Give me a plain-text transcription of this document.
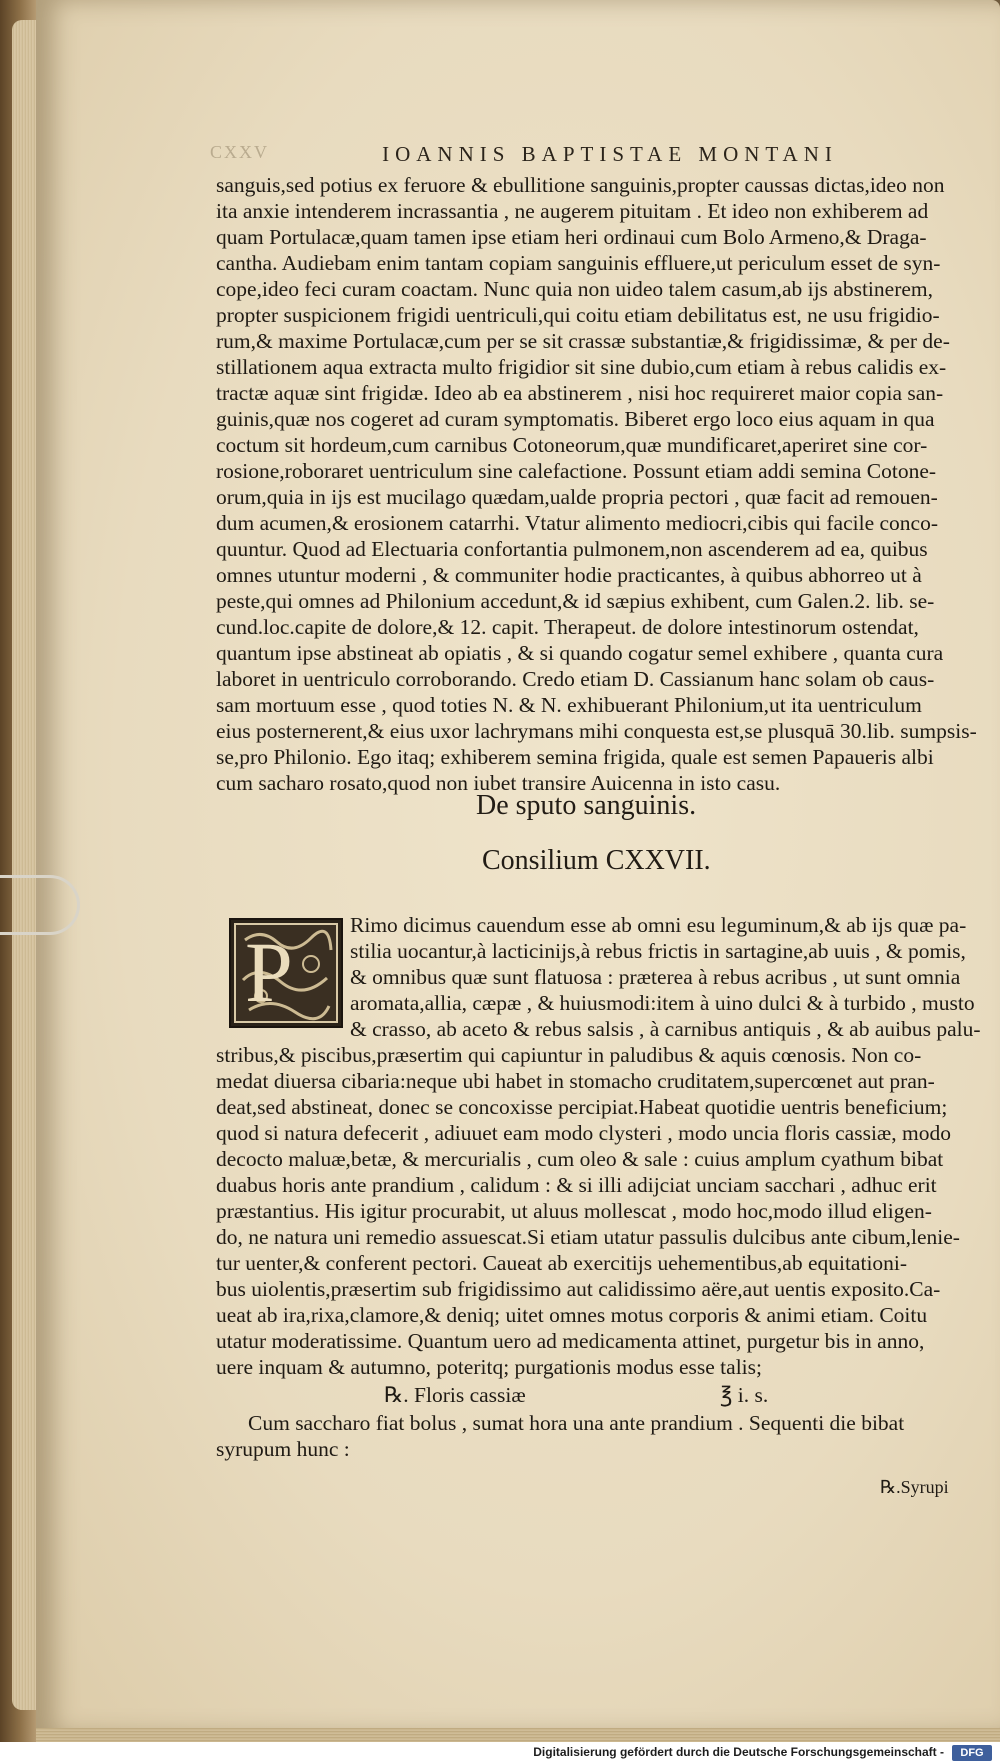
CXXV	IOANNIS BAPTISTAE MONTANI
sanguis,sed potius ex feruore & ebullitione sanguinis,propter caussas dictas,ideo non
ita anxie intenderem incrassantia , ne augerem pituitam . Et ideo non exhiberem ad
quam Portulacæ,quam tamen ipse etiam heri ordinaui cum Bolo Armeno,& Draga-
cantha. Audiebam enim tantam copiam sanguinis effluere,ut periculum esset de syn-
cope,ideo feci curam coactam. Nunc quia non uideo talem casum,ab ijs abstinerem,
propter suspicionem frigidi uentriculi,qui coitu etiam debilitatus est, ne usu frigidio-
rum,& maxime Portulacæ,cum per se sit crassæ substantiæ,& frigidissimæ, & per de-
stillationem aqua extracta multo frigidior sit sine dubio,cum etiam à rebus calidis ex-
tractæ aquæ sint frigidæ. Ideo ab ea abstinerem , nisi hoc requireret maior copia san-
guinis,quæ nos cogeret ad curam symptomatis. Biberet ergo loco eius aquam in qua
coctum sit hordeum,cum carnibus Cotoneorum,quæ mundificaret,aperiret sine cor-
rosione,roboraret uentriculum sine calefactione. Possunt etiam addi semina Cotone-
orum,quia in ijs est mucilago quædam,ualde propria pectori , quæ facit ad remouen-
dum acumen,& erosionem catarrhi. Vtatur alimento mediocri,cibis qui facile conco-
quuntur. Quod ad Electuaria confortantia pulmonem,non ascenderem ad ea, quibus
omnes utuntur moderni , & communiter hodie practicantes, à quibus abhorreo ut à
peste,qui omnes ad Philonium accedunt,& id sæpius exhibent, cum Galen.2. lib. se-
cund.loc.capite de dolore,& 12. capit. Therapeut. de dolore intestinorum ostendat,
quantum ipse abstineat ab opiatis , & si quando cogatur semel exhibere , quanta cura
laboret in uentriculo corroborando. Credo etiam D. Cassianum hanc solam ob caus-
sam mortuum esse , quod toties N. & N. exhibuerant Philonium,ut ita uentriculum
eius posternerent,& eius uxor lachrymans mihi conquesta est,se plusquā 30.lib. sumpsis-
se,pro Philonio. Ego itaq; exhiberem semina frigida, quale est semen Papaueris albi
cum sacharo rosato,quod non iubet transire Auicenna in isto casu.
De sputo sanguinis.
Consilium CXXVII.
P	Rimo dicimus cauendum esse ab omni esu leguminum,& ab ijs quæ pa-
stilia uocantur,à lacticinijs,à rebus frictis in sartagine,ab uuis , & pomis,
& omnibus quæ sunt flatuosa : præterea à rebus acribus , ut sunt omnia
aromata,allia, cæpæ , & huiusmodi:item à uino dulci & à turbido , musto
& crasso, ab aceto & rebus salsis , à carnibus antiquis , & ab auibus palu-
stribus,& piscibus,præsertim qui capiuntur in paludibus & aquis cœnosis. Non co-
medat diuersa cibaria:neque ubi habet in stomacho cruditatem,supercœnet aut pran-
deat,sed abstineat, donec se concoxisse percipiat.Habeat quotidie uentris beneficium;
quod si natura defecerit , adiuuet eam modo clysteri , modo uncia floris cassiæ, modo
decocto maluæ,betæ, & mercurialis , cum oleo & sale : cuius amplum cyathum bibat
duabus horis ante prandium , calidum : & si illi adijciat unciam sacchari , adhuc erit
præstantius. His igitur procurabit, ut aluus mollescat , modo hoc,modo illud eligen-
do, ne natura uni remedio assuescat.Si etiam utatur passulis dulcibus ante cibum,lenie-
tur uenter,& conferent pectori. Caueat ab exercitijs uehementibus,ab equitationi-
bus uiolentis,præsertim sub frigidissimo aut calidissimo aëre,aut uentis exposito.Ca-
ueat ab ira,rixa,clamore,& deniq; uitet omnes motus corporis & animi etiam. Coitu
utatur moderatissime. Quantum uero ad medicamenta attinet, purgetur bis in anno,
uere inquam & autumno, poteritq; purgationis modus esse talis;
℞. Floris cassiæ	℥ i. s.
Cum saccharo fiat bolus , sumat hora una ante prandium . Sequenti die bibat
syrupum hunc :
℞.Syrupi
Digitalisierung gefördert durch die Deutsche Forschungsgemeinschaft -	DFG
